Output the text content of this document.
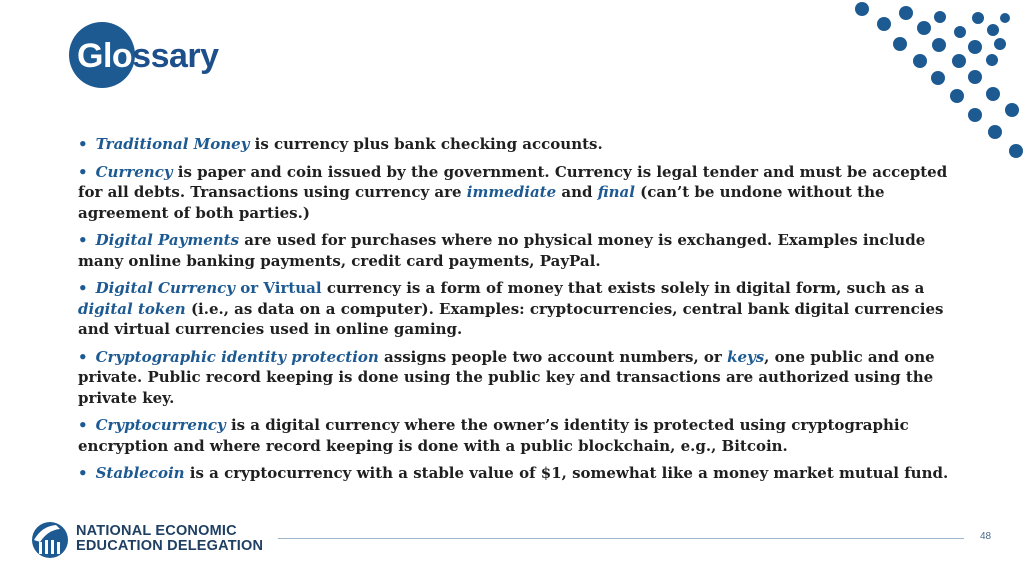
Glossary
• Traditional Money is currency plus bank checking accounts.
• Currency is paper and coin issued by the government. Currency is legal tender and must be accepted for all debts. Transactions using currency are immediate and final (can’t be undone without the agreement of both parties.)
• Digital Payments are used for purchases where no physical money is exchanged. Examples include many online banking payments, credit card payments, PayPal.
• Digital Currency or Virtual currency is a form of money that exists solely in digital form, such as a digital token (i.e., as data on a computer). Examples: cryptocurrencies, central bank digital currencies and virtual currencies used in online gaming.
• Cryptographic identity protection assigns people two account numbers, or keys, one public and one private. Public record keeping is done using the public key and transactions are authorized using the private key.
• Cryptocurrency is a digital currency where the owner’s identity is protected using cryptographic encryption and where record keeping is done with a public blockchain, e.g., Bitcoin.
• Stablecoin is a cryptocurrency with a stable value of $1, somewhat like a money market mutual fund.
NATIONAL ECONOMIC
EDUCATION DELEGATION
48
